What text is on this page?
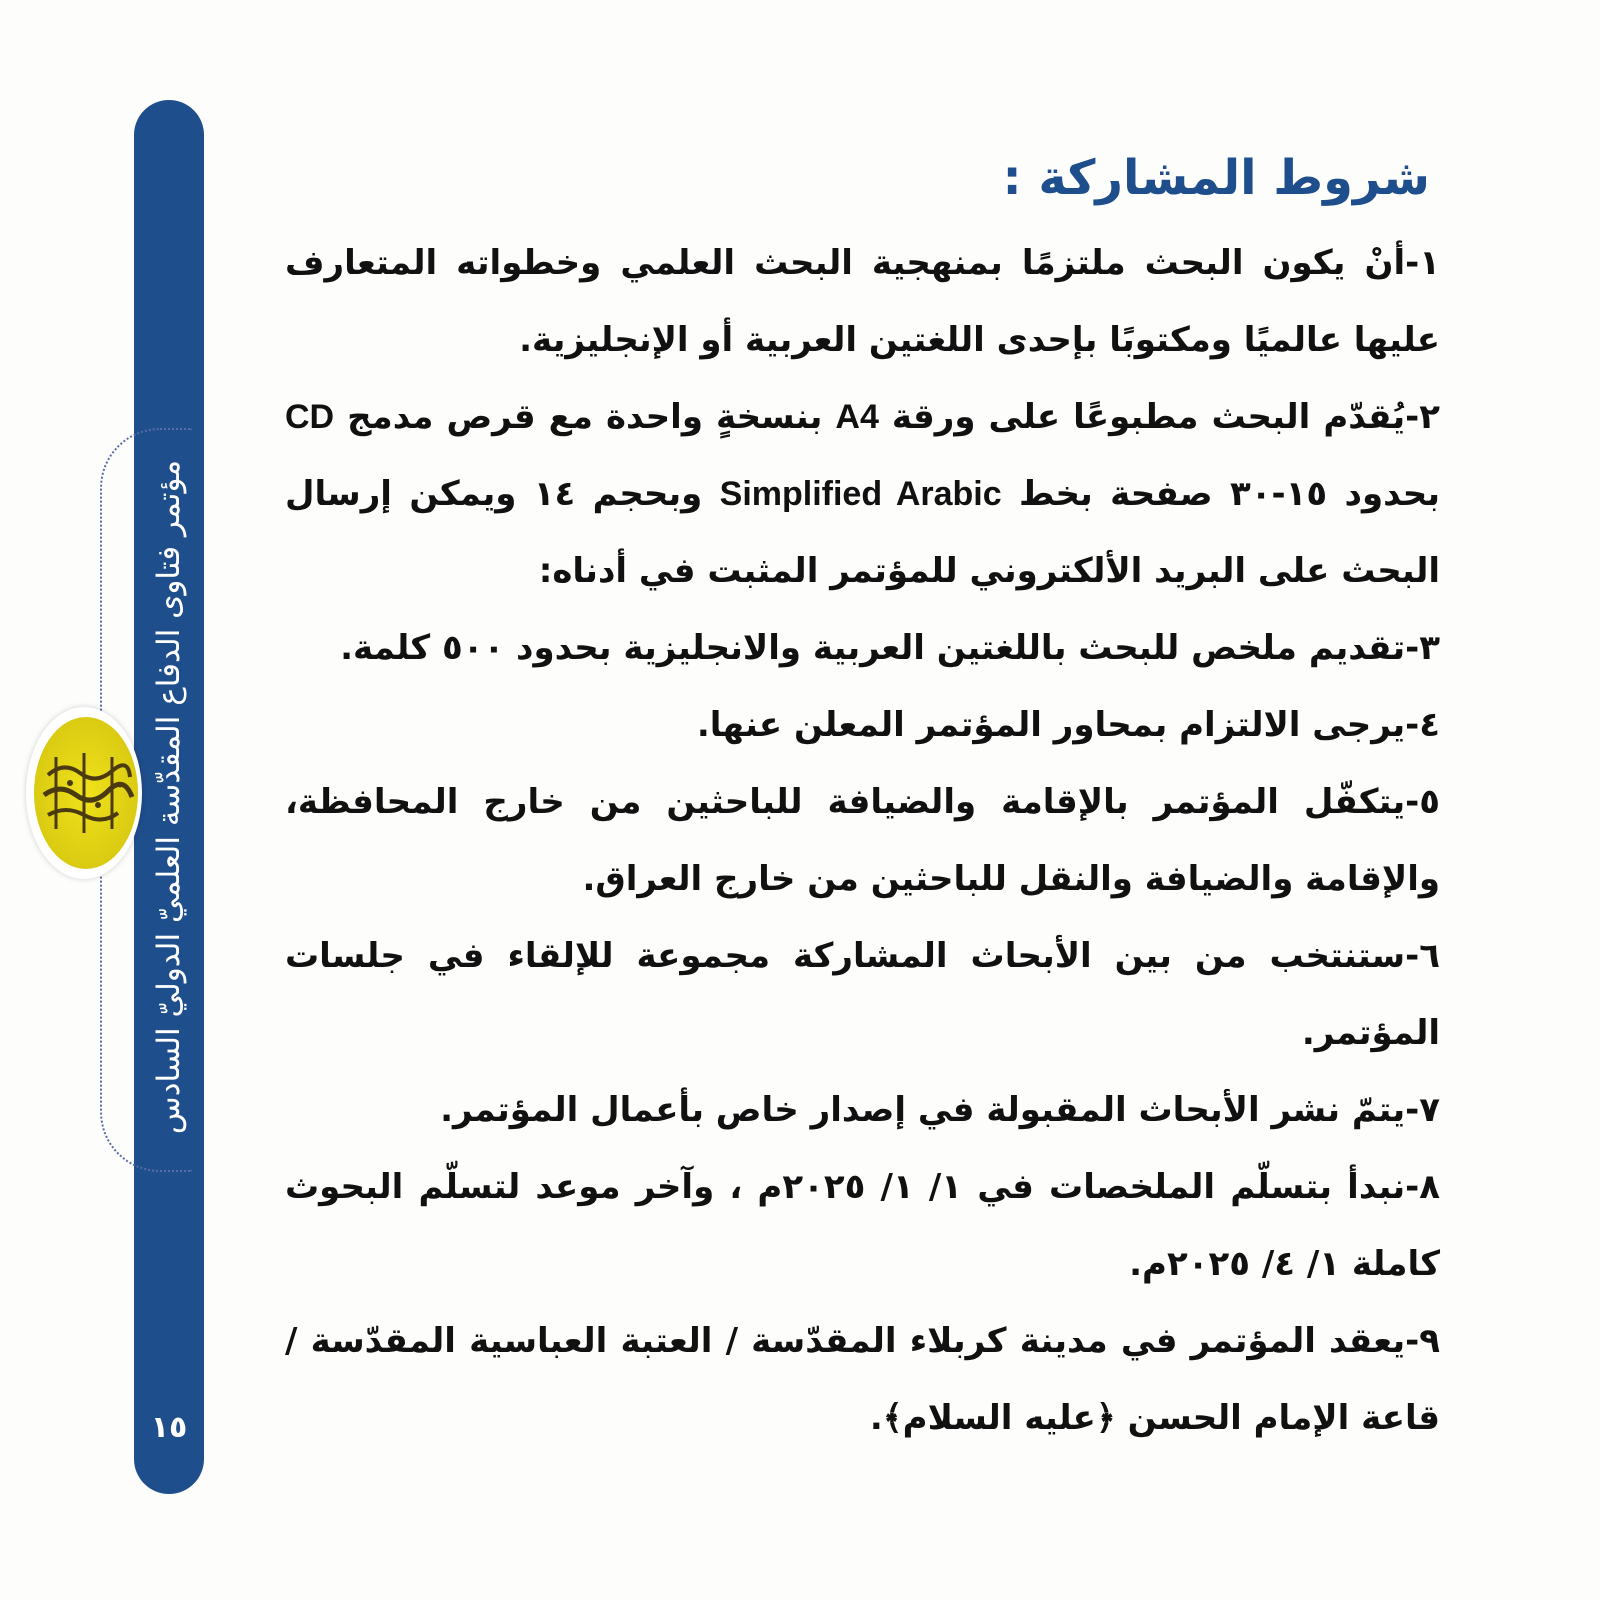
مؤتمر فتاوى الدفاع المقدّسة العلميّ الدوليّ السادس
١٥
شروط المشاركة :

١-أنْ يكون البحث ملتزمًا بمنهجية البحث العلمي وخطواته المتعارف عليها عالميًا ومكتوبًا بإحدى اللغتين العربية أو الإنجليزية.

٢-يُقدّم البحث مطبوعًا على ورقة A4 بنسخةٍ واحدة مع قرص مدمج CD بحدود ١٥-٣٠ صفحة بخط Simplified Arabic وبحجم ١٤ ويمكن إرسال البحث على البريد الألكتروني للمؤتمر المثبت في أدناه:

٣-تقديم ملخص للبحث باللغتين العربية والانجليزية بحدود ٥٠٠ كلمة.

٤-يرجى الالتزام بمحاور المؤتمر المعلن عنها.

٥-يتكفّل المؤتمر بالإقامة والضيافة للباحثين من خارج المحافظة، والإقامة والضيافة والنقل للباحثين من خارج العراق.

٦-ستنتخب من بين الأبحاث المشاركة مجموعة للإلقاء في جلسات المؤتمر.

٧-يتمّ نشر الأبحاث المقبولة في إصدار خاص بأعمال المؤتمر.

٨-نبدأ بتسلّم الملخصات في ١/ ١/ ٢٠٢٥م ، وآخر موعد لتسلّم البحوث كاملة ١/ ٤/ ٢٠٢٥م.

٩-يعقد المؤتمر في مدينة كربلاء المقدّسة / العتبة العباسية المقدّسة / قاعة الإمام الحسن ﴿عليه السلام﴾.
